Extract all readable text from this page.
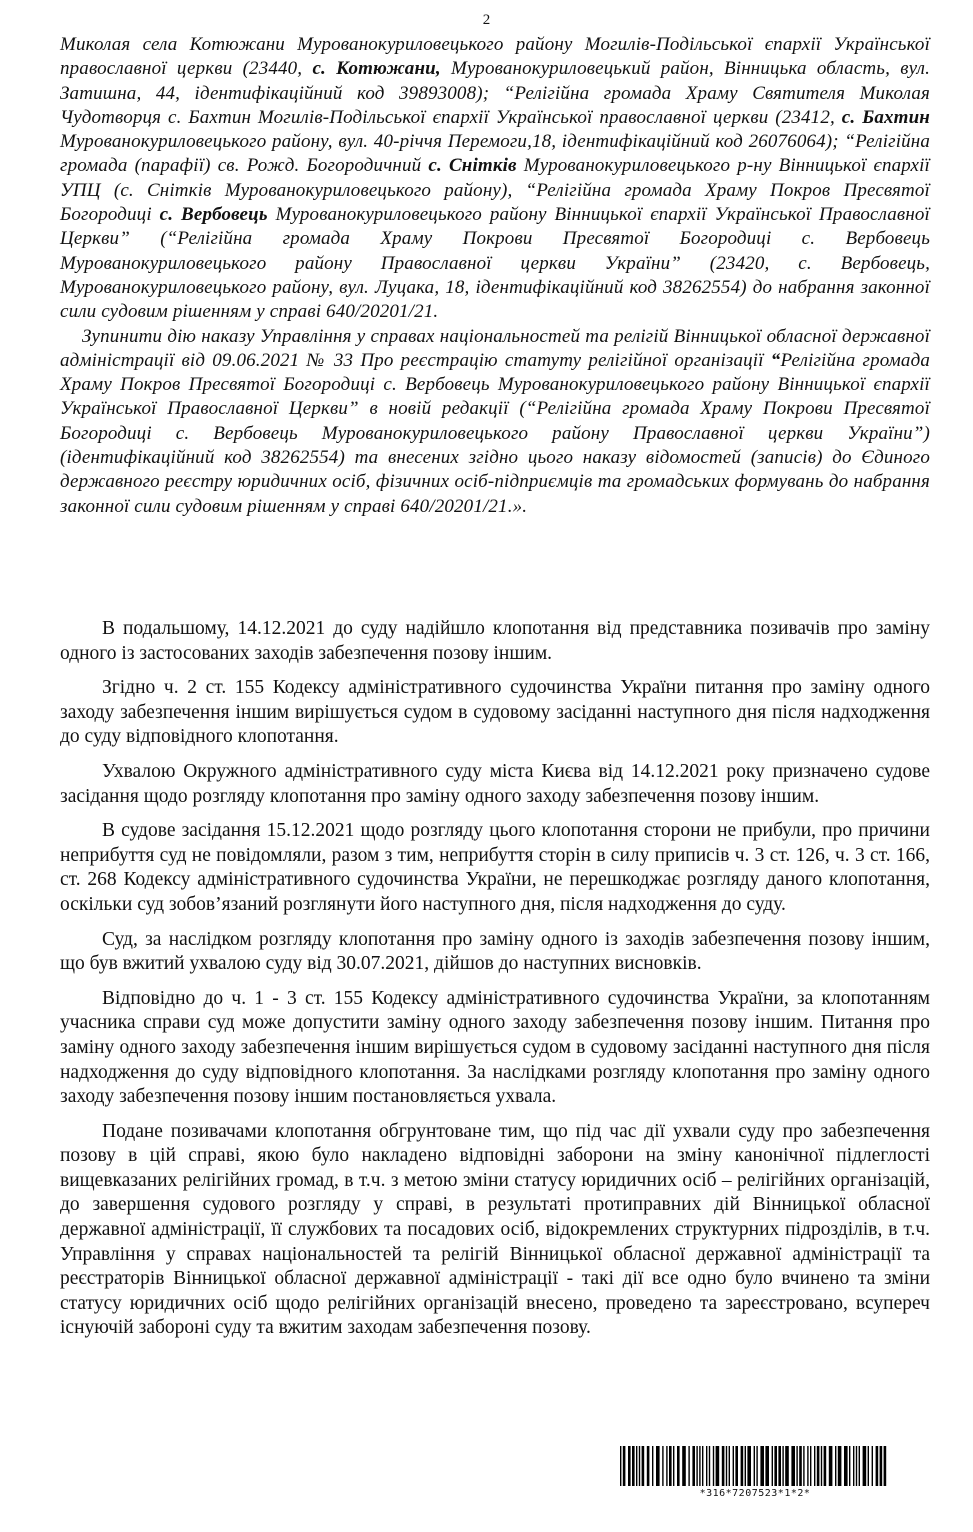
2

Миколая села Котюжани Мурованокуриловецького району Могилів-Подільської єпархії Української православної церкви (23440, с. Котюжани, Мурованокуриловецький район, Вінницька область, вул. Затишна, 44, ідентифікаційний код 39893008); “Релігійна громада Храму Святителя Миколая Чудотворця с. Бахтин Могилів-Подільської єпархії Української православної церкви (23412, с. Бахтин Мурованокуриловецького району, вул. 40-річчя Перемоги,18, ідентифікаційний код 26076064); “Релігійна громада (парафії) св. Рожд. Богородичний с. Снітків Мурованокуриловецького р-ну Вінницької єпархії УПЦ (с. Снітків Мурованокуриловецького району), “Релігійна громада Храму Покров Пресвятої Богородиці с. Вербовець Мурованокуриловецького району Вінницької єпархії Української Православної Церкви” (“Релігійна громада Храму Покрови Пресвятої Богородиці с. Вербовець Мурованокуриловецького району Православної церкви України” (23420, с. Вербовець, Мурованокуриловецького району, вул. Луцака, 18, ідентифікаційний код 38262554) до набрання законної сили судовим рішенням у справі 640/20201/21.

Зупинити дію наказу Управління у справах національностей та релігій Вінницької обласної державної адміністрації від 09.06.2021 № 33 Про реєстрацію статуту релігійної організації “Релігійна громада Храму Покров Пресвятої Богородиці с. Вербовець Мурованокуриловецького району Вінницької єпархії Української Православної Церкви” в новій редакції (“Релігійна громада Храму Покрови Пресвятої Богородиці с. Вербовець Мурованокуриловецького району Православної церкви України”) (ідентифікаційний код 38262554) та внесених згідно цього наказу відомостей (записів) до Єдиного державного реєстру юридичних осіб, фізичних осіб-підприємців та громадських формувань до набрання законної сили судовим рішенням у справі 640/20201/21.».

В подальшому, 14.12.2021 до суду надійшло клопотання від представника позивачів про заміну одного із застосованих заходів забезпечення позову іншим.

Згідно ч. 2 ст. 155 Кодексу адміністративного судочинства України питання про заміну одного заходу забезпечення іншим вирішується судом в судовому засіданні наступного дня після надходження до суду відповідного клопотання.

Ухвалою Окружного адміністративного суду міста Києва від 14.12.2021 року призначено судове засідання щодо розгляду клопотання про заміну одного заходу забезпечення позову іншим.

В судове засідання 15.12.2021 щодо розгляду цього клопотання сторони не прибули, про причини неприбуття суд не повідомляли, разом з тим, неприбуття сторін в силу приписів ч. 3 ст. 126, ч. 3 ст. 166, ст. 268 Кодексу адміністративного судочинства України, не перешкоджає розгляду даного клопотання, оскільки суд зобов’язаний розглянути його наступного дня, після надходження до суду.

Суд, за наслідком розгляду клопотання про заміну одного із заходів забезпечення позову іншим, що був вжитий ухвалою суду від 30.07.2021, дійшов до наступних висновків.

Відповідно до ч. 1 - 3 ст. 155 Кодексу адміністративного судочинства України, за клопотанням учасника справи суд може допустити заміну одного заходу забезпечення позову іншим. Питання про заміну одного заходу забезпечення іншим вирішується судом в судовому засіданні наступного дня після надходження до суду відповідного клопотання. За наслідками розгляду клопотання про заміну одного заходу забезпечення позову іншим постановляється ухвала.

Подане позивачами клопотання обгрунтоване тим, що під час дії ухвали суду про забезпечення позову в цій справі, якою було накладено відповідні заборони на зміну канонічної підлеглості вищевказаних релігійних громад, в т.ч. з метою зміни статусу юридичних осіб – релігійних організацій, до завершення судового розгляду у справі, в результаті протиправних дій Вінницької обласної державної адміністрації, її службових та посадових осіб, відокремлених структурних підрозділів, в т.ч. Управління у справах національностей та релігій Вінницької обласної державної адміністрації та реєстраторів Вінницької обласної державної адміністрації - такі дії все одно було вчинено та зміни статусу юридичних осіб щодо релігійних організацій внесено, проведено та зареєстровано, всупереч існуючій забороні суду та вжитим заходам забезпечення позову.

*316*7207523*1*2*
